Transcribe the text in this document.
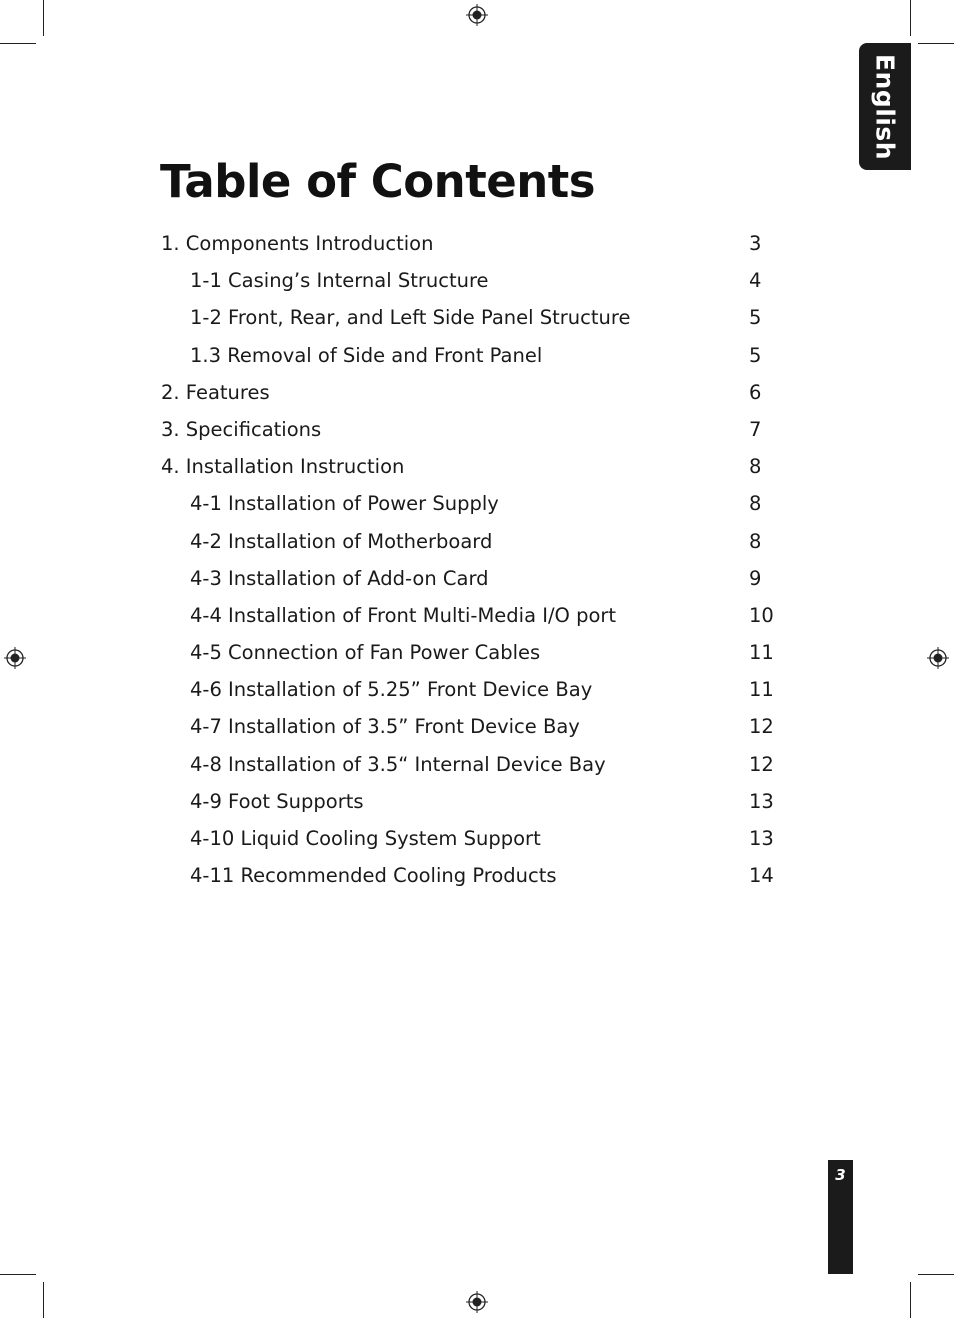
English
Table of Contents
1. Components Introduction	3
1-1 Casing’s Internal Structure	4
1-2 Front, Rear, and Left Side Panel Structure	5
1.3 Removal of Side and Front Panel	5
2. Features	6
3. Specifications	7
4. Installation Instruction	8
4-1 Installation of Power Supply	8
4-2 Installation of Motherboard	8
4-3 Installation of Add-on Card	9
4-4 Installation of Front Multi-Media I/O port	10
4-5 Connection of Fan Power Cables	11
4-6 Installation of 5.25” Front Device Bay	11
4-7 Installation of 3.5” Front Device Bay	12
4-8 Installation of 3.5“ Internal Device Bay	12
4-9 Foot Supports	13
4-10 Liquid Cooling System Support	13
4-11 Recommended Cooling Products	14
3
